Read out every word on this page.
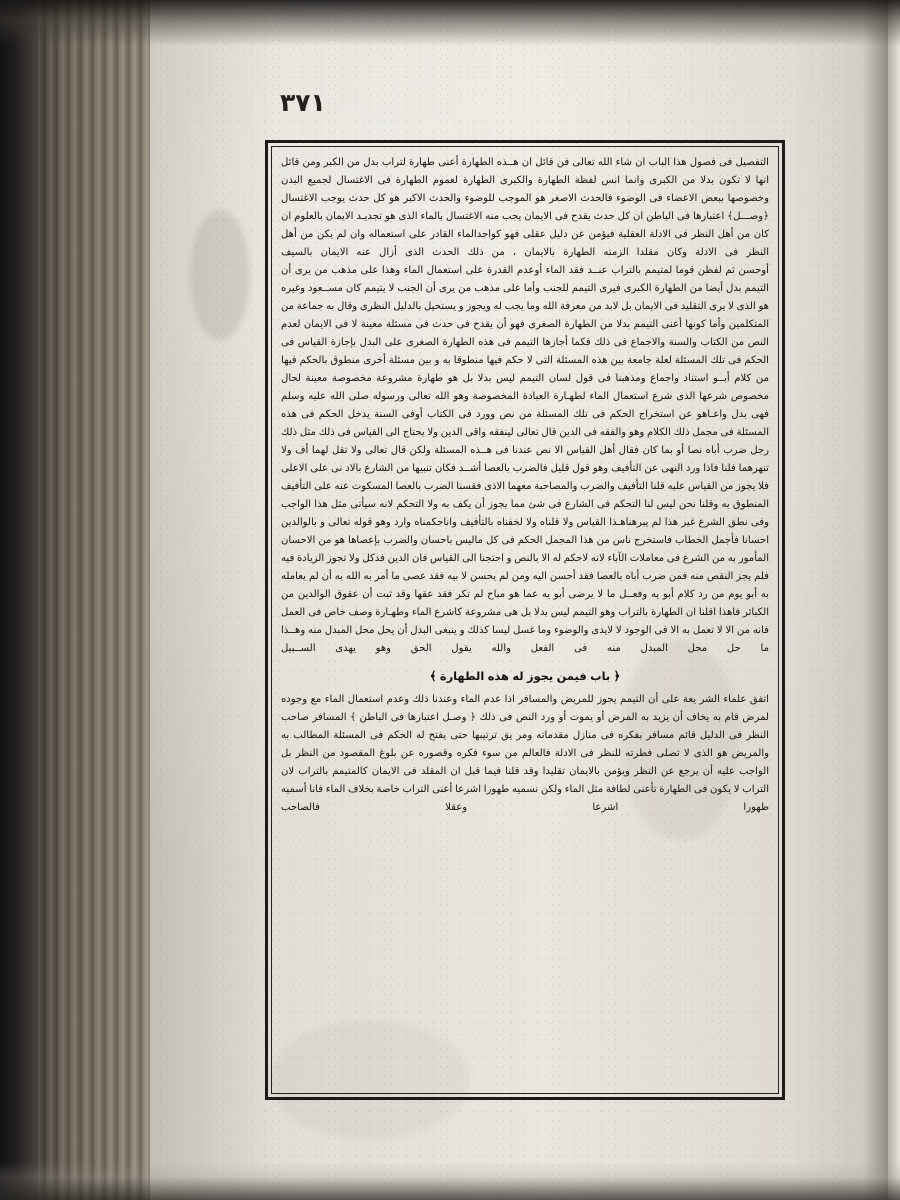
٣٧١

التفصيل فى فصول هذا الباب ان شاء الله تعالى فن قائل ان هــذه الطهارة أعنى طهارة لتراب بدل من الكبر ومن قائل انها لا تكون بدلا من الكبرى وانما انس لفظة الطهارة والكبرى الطهارة لعموم الطهارة فى الاغتسال لجميع البدن وخصوصها ببعض الاعضاء فى الوضوء فالحدث الاصغر هو الموجب للوضوء والحدث الاكبر هو كل حدث يوجب الاغتسال

﴿وصـــل﴾ اعتبارها فى الباطن ان كل حدث يقدح فى الايمان يجب منه الاغتسال بالماء الذى هو تجديـد الايمان بالعلوم ان كان من أهل النظر فى الادلة العقلية فيؤمن عن دليل عقلى فهو كواجدالماء القادر على استعماله وان لم يكن من أهل النظر فى الادلة وكان مقلدا الزمته الطهارة بالايمان ، من ذلك الحدث الذى أزال عنه الايمان بالسيف

أوحسن ثم لفظن قوما لمتيمم بالتراب عنــد فقد الماء أوعدم القدرة على استعمال الماء وهذا على مذهب من يرى أن التيمم بدل أيضا من الطهارة الكبرى فيرى التيمم للجنب وأما على مذهب من يرى أن الجنب لا يتيمم كان مســعود وغيره هو الذى لا يرى التقليد فى الايمان بل لابد من معرفة الله وما يجب له ويجوز و يستحيل بالدليل النظرى وقال به جماعة من المتكلمين وأما كونها أعنى التيمم بدلا من الطهارة الصغرى فهو أن يقدح فى حدث فى مسئلة معينة لا فى الايمان لعدم النص من الكتاب والسنة والاجماع فى ذلك فكما أجازها التيمم فى هذه الطهارة الصغرى على البدل بإجازة القياس فى الحكم فى تلك المسئلة لعلة جامعة بين هذه المسئلة التى لا حكم فيها منطوقا به و بين مسئلة أخرى منطوق بالحكم فيها من كلام أبــو استناد واجماع ومذهبنا فى قول لسان التيمم ليس بدلا بل هو طهارة مشروعة مخصوصة معينة لحال مخصوص شرعها الذى شرع استعمال الماء لطهـارة العبادة المخصوصة وهو الله تعالى ورسوله صلى الله عليه وسلم فهى بدل واعـاهو عن استخراج الحكم فى تلك المسئلة من نص وورد فى الكتاب أوفى السنة يدخل الحكم فى هذه المسئلة فى مجمل ذلك الكلام وهو والفقه فى الدين قال تعالى لينفقه واقى الدين ولا يحتاج الى القياس فى ذلك مثل ذلك رجل ضرب أباه نصا أو بما كان فقال أهل القياس الا نص عندنا فى هــذه المسئلة ولكن قال تعالى ولا تقل لهما أف ولا تنهرهما فلنا فاذا ورد النهى عن التأفيف وهو قول قليل فالضرب بالعصا أشــد فكان تنبيها من الشارع بالاد نى على الاعلى فلا يجوز من القياس عليه قلنا التأفيف والضرب والمصاحبة معهما الاذى فقسنا الضرب بالعصا المسكوت عنه على التأفيف المنطوق به وقلنا نحن ليس لنا التحكم فى الشارع فى شئ مما يجوز أن يكف به ولا التحكم لانه سيأتى مثل هذا الواجب وفى نطق الشرع غير هذا لم يبرهناهـذا القياس ولا قلناه ولا لخفناه بالتأفيف واناحكمناه وارد وهو قوله تعالى و بالوالدين احسانا فأجمل الخطاب فاستخرج ناس من هذا المجمل الحكم فى كل ماليس باحسان والضرب بإعصاها هو من الاحسان المأمور به من الشرع فى معاملات الآباء لانه لاحكم له الا بالنص و احتجنا الى القياس فان الدين فدكل ولا تجوز الزيادة فيه فلم يجز النقص منه فمن ضرب أباه بالعصا فقد أحسن اليه ومن لم يحسن لا بيه فقد عصى ما أمر به الله به أن لم يعامله به أبو يوم من رد كلام أبو يه وفعــل ما لا يرضى أبو يه عما هو مباح لم تكر فقد عقها وقد ثبت أن عقوق الوالدين من الكبائر فاهذا اقلنا ان الطهارة بالتراب وهو التيمم ليس بدلا بل هى مشروعة كاشرع الماء وطهـارة وصف خاص فى العمل فانه من الا لا تعمل به الا فى الوجود لا لايدى والوضوء وما غسل ليسا كذلك و ينبغى البدل أن يحل محل المبدل منه وهــذا ما حل محل المبدل منه فى الفعل والله يقول الحق وهو يهدى الســبيل

﴿ باب فيمن يجوز له هذه الطهارة ﴾

اتفق علماء الشر يعة على أن التيمم يجوز للمريض والمسافر اذا عدم الماء وعندنا ذلك وعدم استعمال الماء مع وجوده لمرض قام به يخاف أن يزيد به المرض أو يموت أو ورد النص فى ذلك ﴿ وصـل اعتبارها فى الباطن ﴾ المسافر صاحب النظر فى الدليل قائم مسافر بفكره فى منازل مقدماته ومر يق ترتيبها حتى يفتح له الحكم فى المسئلة المطالب به والمريض هو الذى لا تصلى فطرته للنظر فى الادلة فالعالم من سوء فكره وقصوره عن بلوغ المقصود من النظر بل الواجب عليه أن يرجع عن النظر ويؤمن بالايمان تقليدا وقد قلنا فيما قبل ان المقلد فى الايمان كالمتيمم بالتراب لان التراب لا يكون فى الطهارة تأعنى لطافة مثل الماء ولكن نسميه طهورا اشرعا أعنى التراب خاصة بخلاف الماء فانا أسميه طهورا اشرعا وعقلا فالصاحب
